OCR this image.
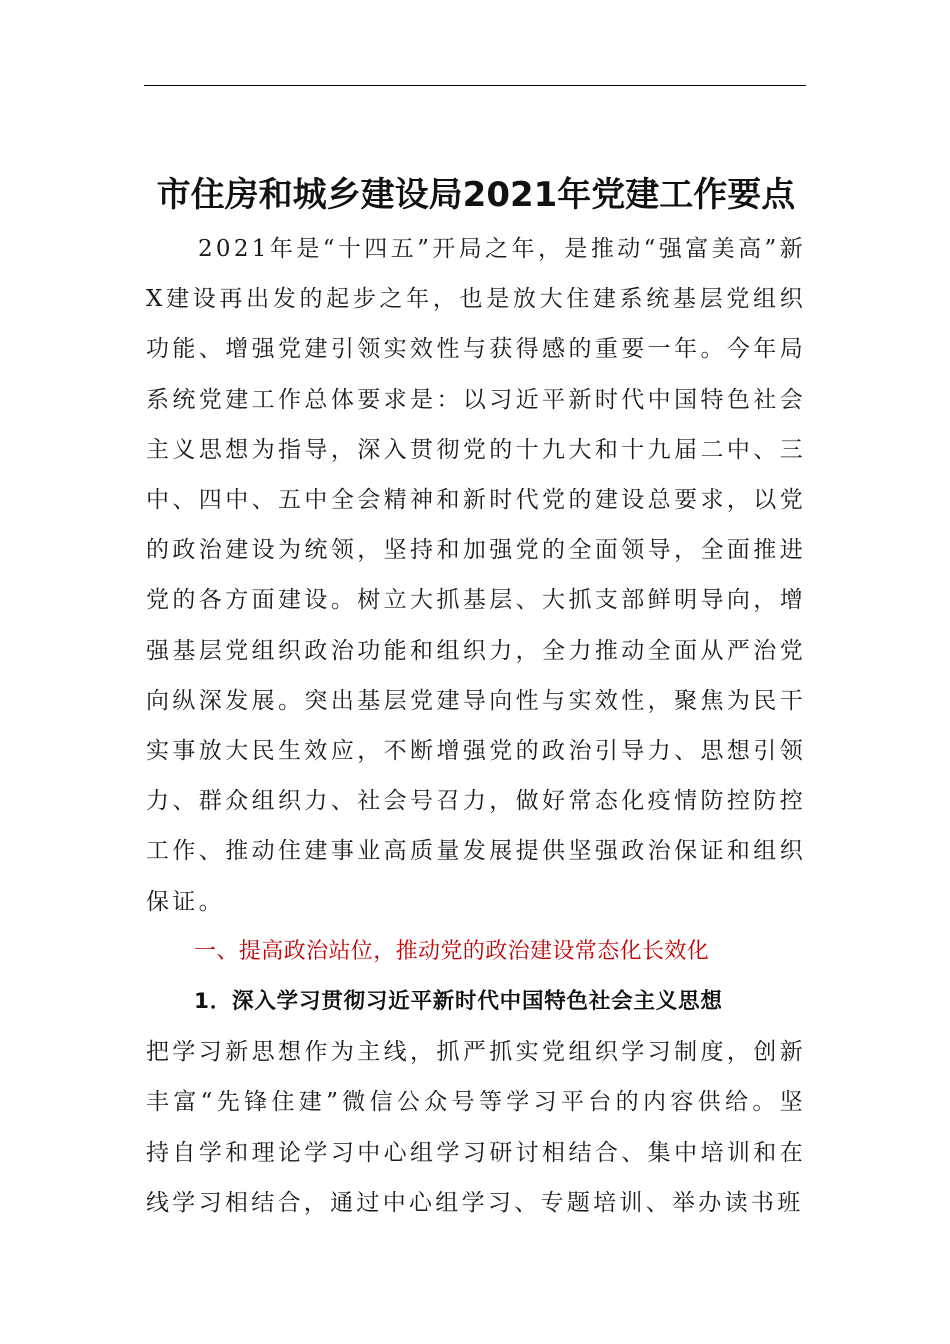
市住房和城乡建设局2021年党建工作要点

2021年是“十四五”开局之年，是推动“强富美高”新X建设再出发的起步之年，也是放大住建系统基层党组织功能、增强党建引领实效性与获得感的重要一年。今年局系统党建工作总体要求是：以习近平新时代中国特色社会主义思想为指导，深入贯彻党的十九大和十九届二中、三中、四中、五中全会精神和新时代党的建设总要求，以党的政治建设为统领，坚持和加强党的全面领导，全面推进党的各方面建设。树立大抓基层、大抓支部鲜明导向，增强基层党组织政治功能和组织力，全力推动全面从严治党向纵深发展。突出基层党建导向性与实效性，聚焦为民干实事放大民生效应，不断增强党的政治引导力、思想引领力、群众组织力、社会号召力，做好常态化疫情防控防控工作、推动住建事业高质量发展提供坚强政治保证和组织保证。

一、提高政治站位，推动党的政治建设常态化长效化
1．深入学习贯彻习近平新时代中国特色社会主义思想

把学习新思想作为主线，抓严抓实党组织学习制度，创新丰富“先锋住建”微信公众号等学习平台的内容供给。坚持自学和理论学习中心组学习研讨相结合、集中培训和在线学习相结合，通过中心组学习、专题培训、举办读书班
